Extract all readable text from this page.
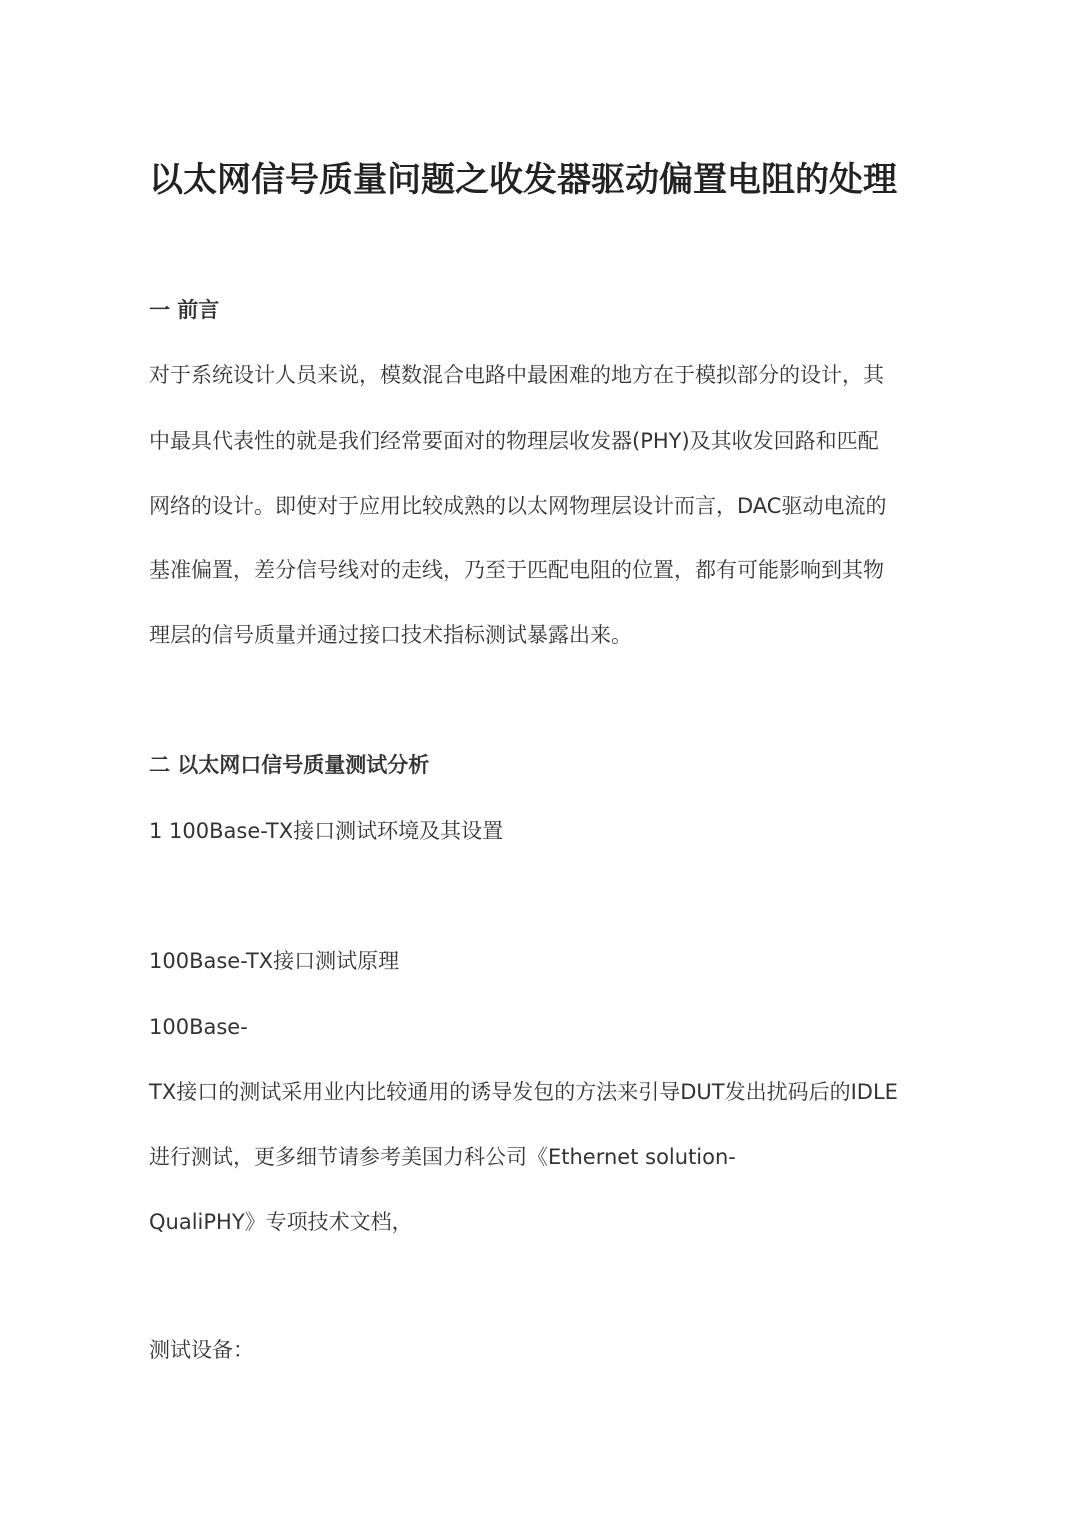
以太网信号质量问题之收发器驱动偏置电阻的处理
一 前言

对于系统设计人员来说，模数混合电路中最困难的地方在于模拟部分的设计，其

中最具代表性的就是我们经常要面对的物理层收发器(PHY)及其收发回路和匹配

网络的设计。即使对于应用比较成熟的以太网物理层设计而言，DAC驱动电流的

基准偏置，差分信号线对的走线，乃至于匹配电阻的位置，都有可能影响到其物

理层的信号质量并通过接口技术指标测试暴露出来。

二 以太网口信号质量测试分析

1 100Base-TX接口测试环境及其设置

100Base-TX接口测试原理

100Base-

TX接口的测试采用业内比较通用的诱导发包的方法来引导DUT发出扰码后的IDLE

进行测试，更多细节请参考美国力科公司《Ethernet solution-

QualiPHY》专项技术文档，

测试设备：
